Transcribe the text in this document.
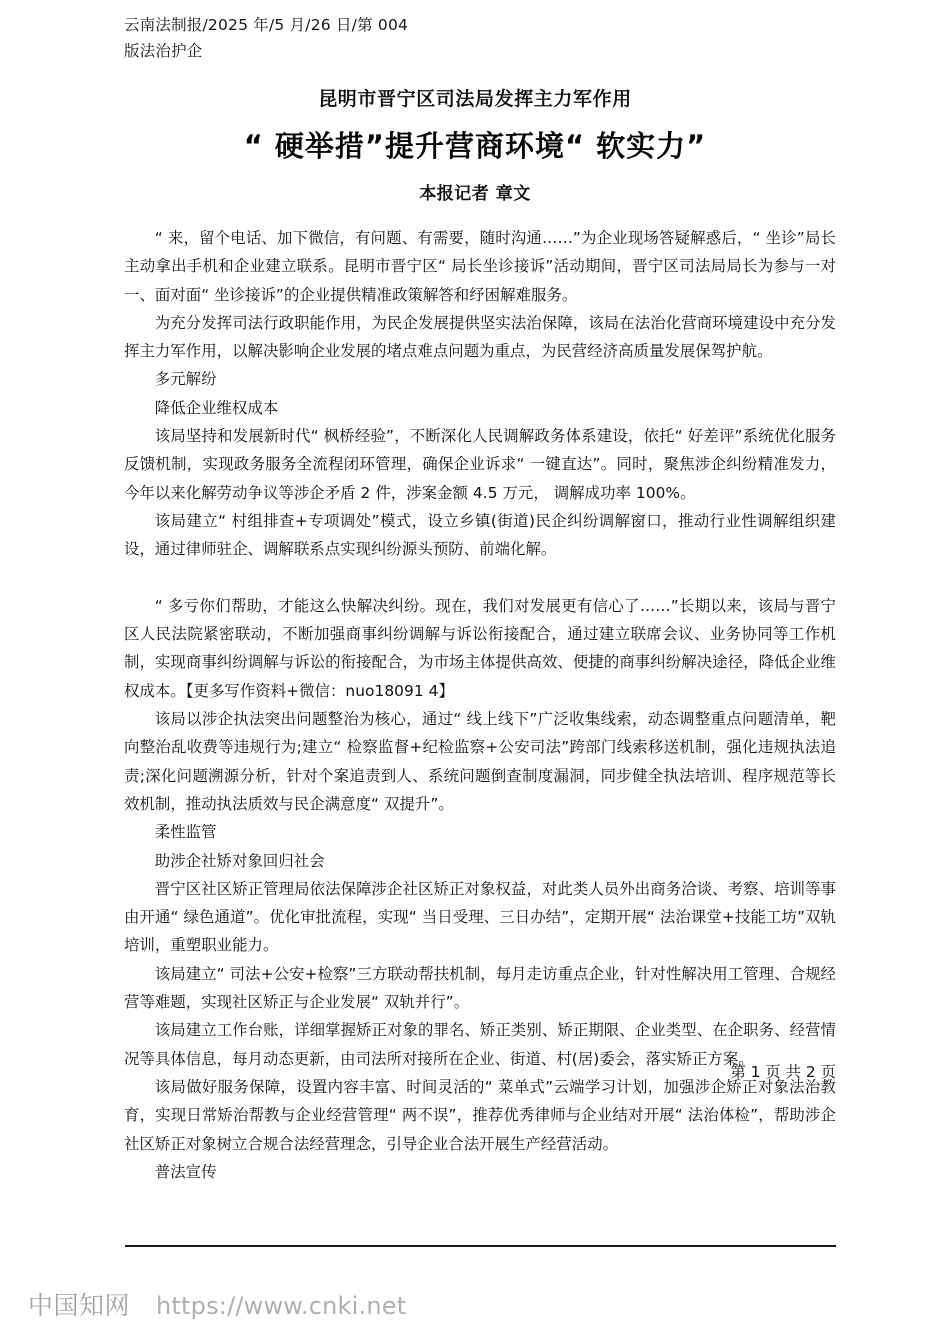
云南法制报/2025 年/5 月/26 日/第 004
版法治护企
昆明市晋宁区司法局发挥主力军作用
“ 硬举措”提升营商环境“ 软实力”
本报记者 章文

“ 来，留个电话、加下微信，有问题、有需要，随时沟通……”为企业现场答疑解惑后，“ 坐诊”局长主动拿出手机和企业建立联系。昆明市晋宁区“ 局长坐诊接诉”活动期间，晋宁区司法局局长为参与一对一、面对面“ 坐诊接诉”的企业提供精准政策解答和纾困解难服务。

为充分发挥司法行政职能作用，为民企发展提供坚实法治保障，该局在法治化营商环境建设中充分发挥主力军作用，以解决影响企业发展的堵点难点问题为重点，为民营经济高质量发展保驾护航。

多元解纷

降低企业维权成本

该局坚持和发展新时代“ 枫桥经验”，不断深化人民调解政务体系建设，依托“ 好差评”系统优化服务反馈机制，实现政务服务全流程闭环管理，确保企业诉求“ 一键直达”。同时，聚焦涉企纠纷精准发力， 今年以来化解劳动争议等涉企矛盾 2 件，涉案金额 4.5 万元， 调解成功率 100%。

该局建立“ 村组排查+专项调处”模式，设立乡镇(街道)民企纠纷调解窗口，推动行业性调解组织建设，通过律师驻企、调解联系点实现纠纷源头预防、前端化解。

“ 多亏你们帮助，才能这么快解决纠纷。现在，我们对发展更有信心了……”长期以来，该局与晋宁区人民法院紧密联动，不断加强商事纠纷调解与诉讼衔接配合，通过建立联席会议、业务协同等工作机制，实现商事纠纷调解与诉讼的衔接配合，为市场主体提供高效、便捷的商事纠纷解决途径，降低企业维权成本。【更多写作资料+微信：nuo18091 4】

该局以涉企执法突出问题整治为核心，通过“ 线上线下”广泛收集线索，动态调整重点问题清单，靶向整治乱收费等违规行为;建立“ 检察监督+纪检监察+公安司法”跨部门线索移送机制，强化违规执法追责;深化问题溯源分析，针对个案追责到人、系统问题倒查制度漏洞，同步健全执法培训、程序规范等长效机制，推动执法质效与民企满意度“ 双提升”。

柔性监管

助涉企社矫对象回归社会

晋宁区社区矫正管理局依法保障涉企社区矫正对象权益，对此类人员外出商务洽谈、考察、培训等事由开通“ 绿色通道”。优化审批流程，实现“ 当日受理、三日办结”，定期开展“ 法治课堂+技能工坊”双轨培训，重塑职业能力。

该局建立“ 司法+公安+检察”三方联动帮扶机制，每月走访重点企业，针对性解决用工管理、合规经营等难题，实现社区矫正与企业发展“ 双轨并行”。

该局建立工作台账，详细掌握矫正对象的罪名、矫正类别、矫正期限、企业类型、在企职务、经营情况等具体信息，每月动态更新，由司法所对接所在企业、街道、村(居)委会，落实矫正方案。

该局做好服务保障，设置内容丰富、时间灵活的“ 菜单式”云端学习计划，加强涉企矫正对象法治教育，实现日常矫治帮教与企业经营管理“ 两不误”，推荐优秀律师与企业结对开展“ 法治体检”，帮助涉企社区矫正对象树立合规合法经营理念，引导企业合法开展生产经营活动。

普法宣传

第 1 页 共 2 页
中国知网 https://www.cnki.net
